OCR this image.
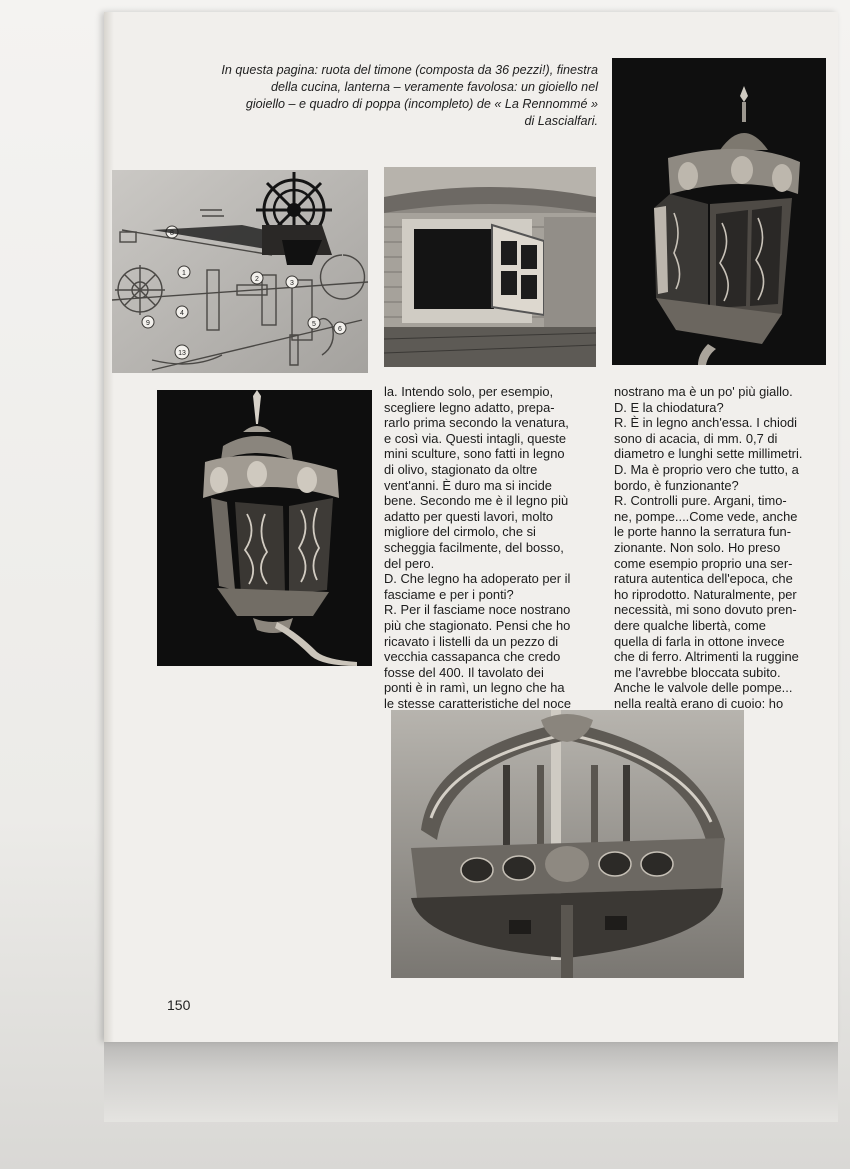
In questa pagina: ruota del timone (composta da 36 pezzi!), finestra
della cucina, lanterna – veramente favolosa: un gioiello nel
gioiello – e quadro di poppa (incompleto) de « La Rennommé »
di Lascialfari.
8
1
2
3
4
5
6
13
9

la. Intendo solo, per esempio,

scegliere legno adatto, prepa-

rarlo prima secondo la venatura,

e così via. Questi intagli, queste

mini sculture, sono fatti in legno

di olivo, stagionato da oltre

vent'anni. È duro ma si incide

bene. Secondo me è il legno più

adatto per questi lavori, molto

migliore del cirmolo, che si

scheggia facilmente, del bosso,

del pero.

D. Che legno ha adoperato per il

fasciame e per i ponti?

R. Per il fasciame noce nostrano

più che stagionato. Pensi che ho

ricavato i listelli da un pezzo di

vecchia cassapanca che credo

fosse del 400. Il tavolato dei

ponti è in ramì, un legno che ha

le stesse caratteristiche del noce

nostrano ma è un po' più giallo.

D. E la chiodatura?

R. È in legno anch'essa. I chiodi

sono di acacia, di mm. 0,7 di

diametro e lunghi sette millimetri.

D. Ma è proprio vero che tutto, a

bordo, è funzionante?

R. Controlli pure. Argani, timo-

ne, pompe....Come vede, anche

le porte hanno la serratura fun-

zionante. Non solo. Ho preso

come esempio proprio una ser-

ratura autentica dell'epoca, che

ho riprodotto. Naturalmente, per

necessità, mi sono dovuto pren-

dere qualche libertà, come

quella di farla in ottone invece

che di ferro. Altrimenti la ruggine

me l'avrebbe bloccata subito.

Anche le valvole delle pompe...

nella realtà erano di cuoio: ho

150
